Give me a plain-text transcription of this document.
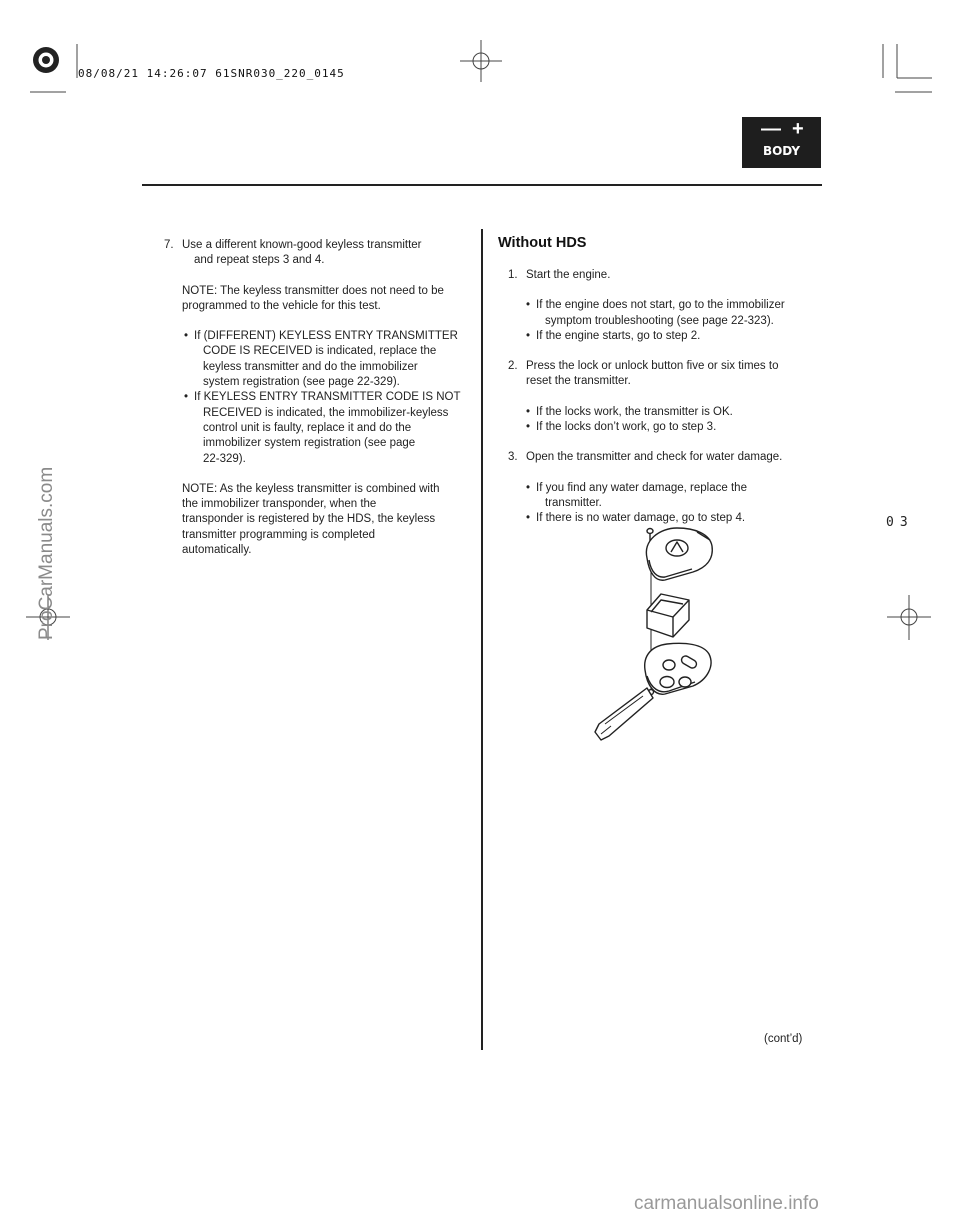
08/08/21 14:26:07 61SNR030_220_0145
— +
BODY
7. Use a different known-good keyless transmitter
and repeat steps 3 and 4.
NOTE: The keyless transmitter does not need to be
programmed to the vehicle for this test.
• If (DIFFERENT) KEYLESS ENTRY TRANSMITTER
CODE IS RECEIVED is indicated, replace the
keyless transmitter and do the immobilizer
system registration (see page 22-329).
• If KEYLESS ENTRY TRANSMITTER CODE IS NOT
RECEIVED is indicated, the immobilizer-keyless
control unit is faulty, replace it and do the
immobilizer system registration (see page
22-329).
NOTE: As the keyless transmitter is combined with
the immobilizer transponder, when the
transponder is registered by the HDS, the keyless
transmitter programming is completed
automatically.
Without HDS
1. Start the engine.
• If the engine does not start, go to the immobilizer
symptom troubleshooting (see page 22-323).
• If the engine starts, go to step 2.
2. Press the lock or unlock button five or six times to
reset the transmitter.
• If the locks work, the transmitter is OK.
• If the locks don’t work, go to step 3.
3. Open the transmitter and check for water damage.
• If you find any water damage, replace the
transmitter.
• If there is no water damage, go to step 4.
(cont’d)
03
ProCarManuals.com
carmanualsonline.info
